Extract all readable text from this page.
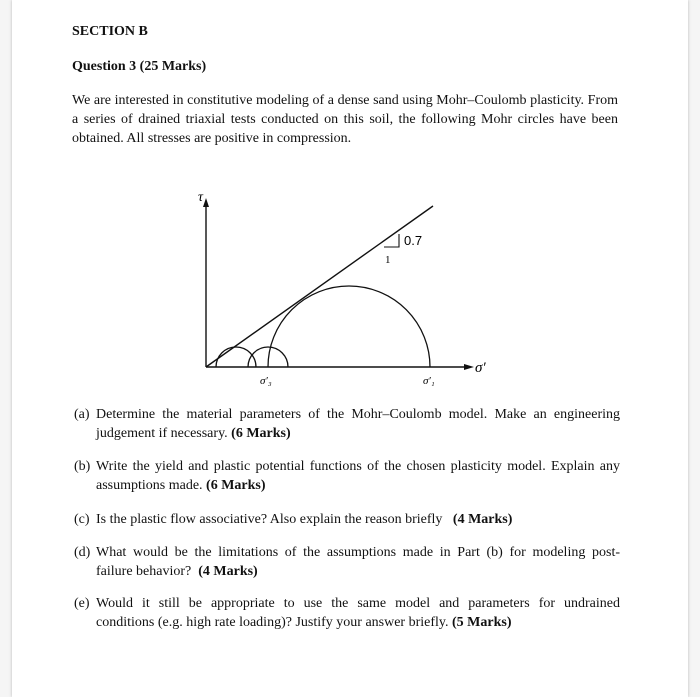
SECTION B
Question 3 (25 Marks)
We are interested in constitutive modeling of a dense sand using Mohr–Coulomb plasticity. From a series of drained triaxial tests conducted on this soil, the following Mohr circles have been obtained. All stresses are positive in compression.
τ
σ′
σ′₃	σ′₁
0.7
1
(a) Determine the material parameters of the Mohr–Coulomb model. Make an engineering
judgement if necessary. (6 Marks)
(b) Write the yield and plastic potential functions of the chosen plasticity model. Explain any
assumptions made. (6 Marks)
(c) Is the plastic flow associative? Also explain the reason briefly (4 Marks)
(d) What would be the limitations of the assumptions made in Part (b) for modeling post-
failure behavior? (4 Marks)
(e) Would it still be appropriate to use the same model and parameters for undrained
conditions (e.g. high rate loading)? Justify your answer briefly. (5 Marks)
